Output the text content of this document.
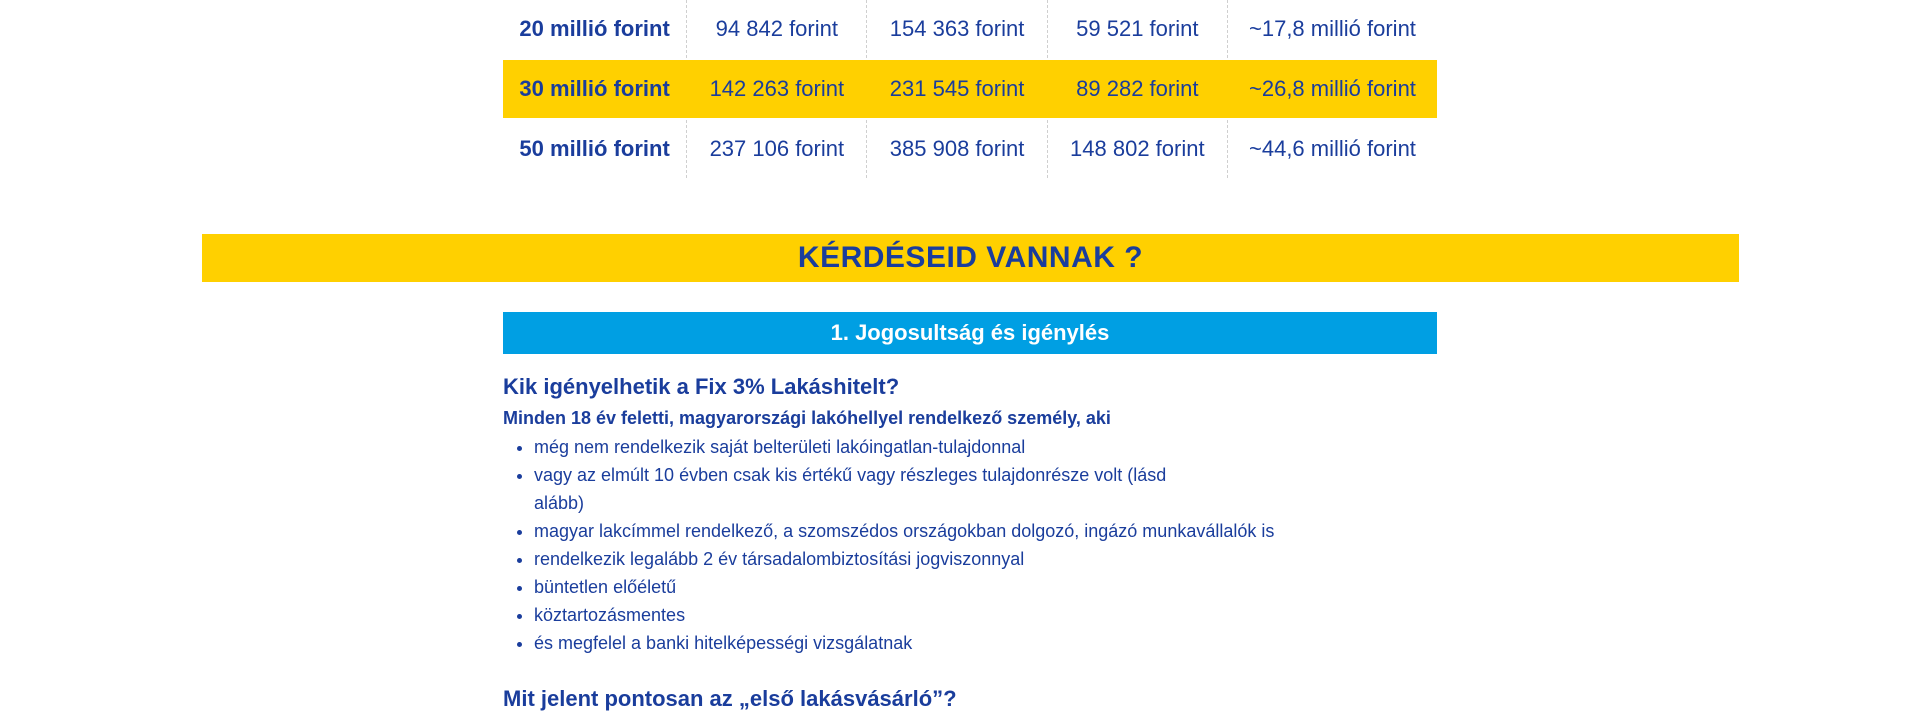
20 millió forint	94 842 forint	154 363 forint	59 521 forint	~17,8 millió forint
30 millió forint	142 263 forint	231 545 forint	89 282 forint	~26,8 millió forint
50 millió forint	237 106 forint	385 908 forint	148 802 forint	~44,6 millió forint
KÉRDÉSEID VANNAK ?
1. Jogosultság és igénylés
Kik igényelhetik a Fix 3% Lakáshitelt?
Minden 18 év feletti, magyarországi lakóhellyel rendelkező személy, aki
• még nem rendelkezik saját belterületi lakóingatlan-tulajdonnal
• vagy az elmúlt 10 évben csak kis értékű vagy részleges tulajdonrésze volt (lásd alább)
• magyar lakcímmel rendelkező, a szomszédos országokban dolgozó, ingázó munkavállalók is
• rendelkezik legalább 2 év társadalombiztosítási jogviszonnyal
• büntetlen előéletű
• köztartozásmentes
• és megfelel a banki hitelképességi vizsgálatnak
Mit jelent pontosan az „első lakásvásárló”?
